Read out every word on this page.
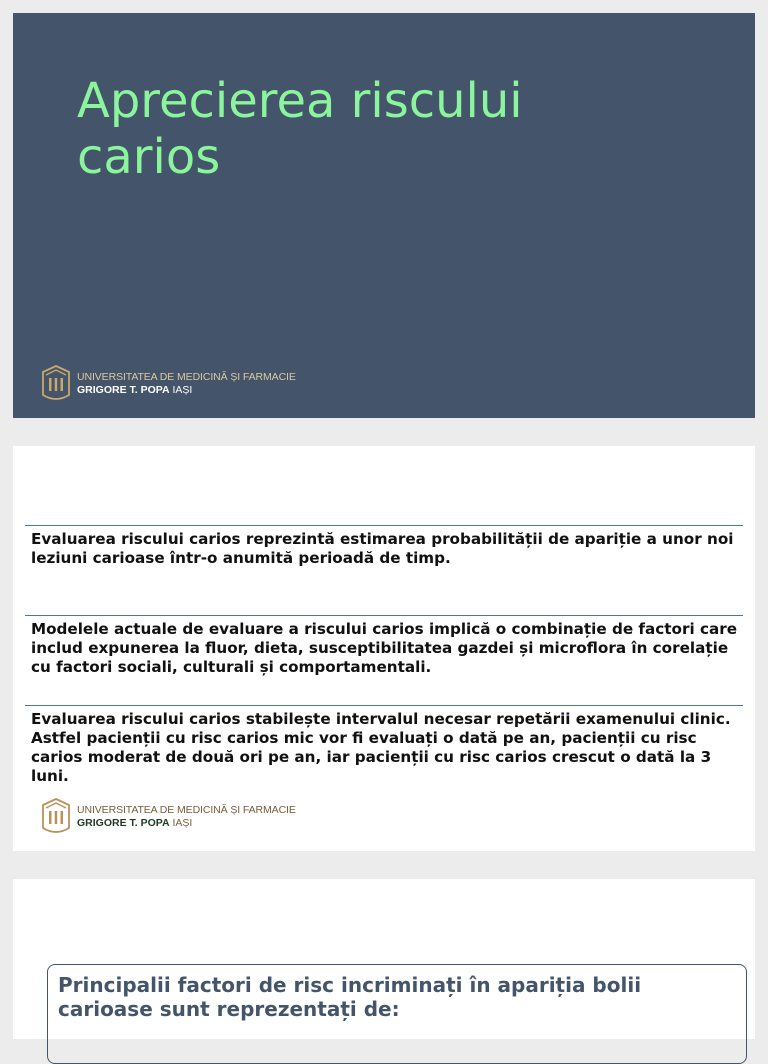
Aprecierea riscului carios
UNIVERSITATEA DE MEDICINĂ ȘI FARMACIE
GRIGORE T. POPA IAȘI
Evaluarea riscului carios reprezintă estimarea probabilității de apariție a unor noi leziuni carioase într-o anumită perioadă de timp.
Modelele actuale de evaluare a riscului carios implică o combinație de factori care includ expunerea la fluor, dieta, susceptibilitatea gazdei și microflora în corelație cu factori sociali, culturali și comportamentali.
Evaluarea riscului carios stabilește intervalul necesar repetării examenului clinic. Astfel pacienții cu risc carios mic vor fi evaluați o dată pe an, pacienții cu risc carios moderat de două ori pe an, iar pacienții cu risc carios crescut o dată la 3 luni.
UNIVERSITATEA DE MEDICINĂ ȘI FARMACIE
GRIGORE T. POPA IAȘI

Principalii factori de risc incriminați în apariția bolii carioase sunt reprezentați de:
